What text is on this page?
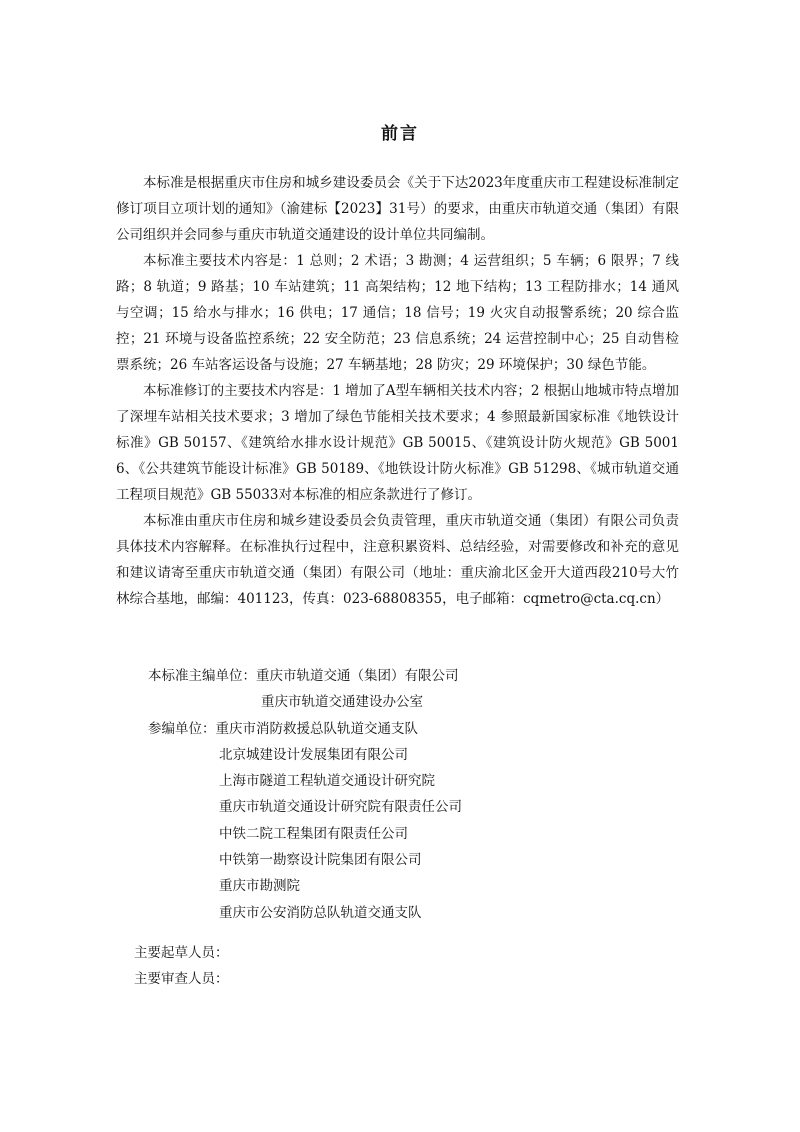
前言

本标准是根据重庆市住房和城乡建设委员会《关于下达2023年度重庆市工程建设标准制定修订项目立项计划的通知》（渝建标【2023】31号）的要求，由重庆市轨道交通（集团）有限公司组织并会同参与重庆市轨道交通建设的设计单位共同编制。

本标准主要技术内容是：1 总则；2 术语；3 勘测；4 运营组织；5 车辆；6 限界；7 线路；8 轨道；9 路基；10 车站建筑；11 高架结构；12 地下结构；13 工程防排水；14 通风与空调；15 给水与排水；16 供电；17 通信；18 信号；19 火灾自动报警系统；20 综合监控；21 环境与设备监控系统；22 安全防范；23 信息系统；24 运营控制中心；25 自动售检票系统；26 车站客运设备与设施；27 车辆基地；28 防灾；29 环境保护；30 绿色节能。

本标准修订的主要技术内容是：1 增加了A型车辆相关技术内容；2 根据山地城市特点增加了深埋车站相关技术要求；3 增加了绿色节能相关技术要求；4 参照最新国家标准《地铁设计标准》GB 50157、《建筑给水排水设计规范》GB 50015、《建筑设计防火规范》GB 50016、《公共建筑节能设计标准》GB 50189、《地铁设计防火标准》GB 51298、《城市轨道交通工程项目规范》GB 55033对本标准的相应条款进行了修订。

本标准由重庆市住房和城乡建设委员会负责管理，重庆市轨道交通（集团）有限公司负责具体技术内容解释。在标准执行过程中，注意积累资料、总结经验，对需要修改和补充的意见和建议请寄至重庆市轨道交通（集团）有限公司（地址：重庆渝北区金开大道西段210号大竹林综合基地，邮编：401123，传真：023-68808355，电子邮箱：cqmetro@cta.cq.cn）

本标准主编单位：重庆市轨道交通（集团）有限公司
重庆市轨道交通建设办公室
参编单位：重庆市消防救援总队轨道交通支队
北京城建设计发展集团有限公司
上海市隧道工程轨道交通设计研究院
重庆市轨道交通设计研究院有限责任公司
中铁二院工程集团有限责任公司
中铁第一勘察设计院集团有限公司
重庆市勘测院
重庆市公安消防总队轨道交通支队
主要起草人员：
主要审查人员：
